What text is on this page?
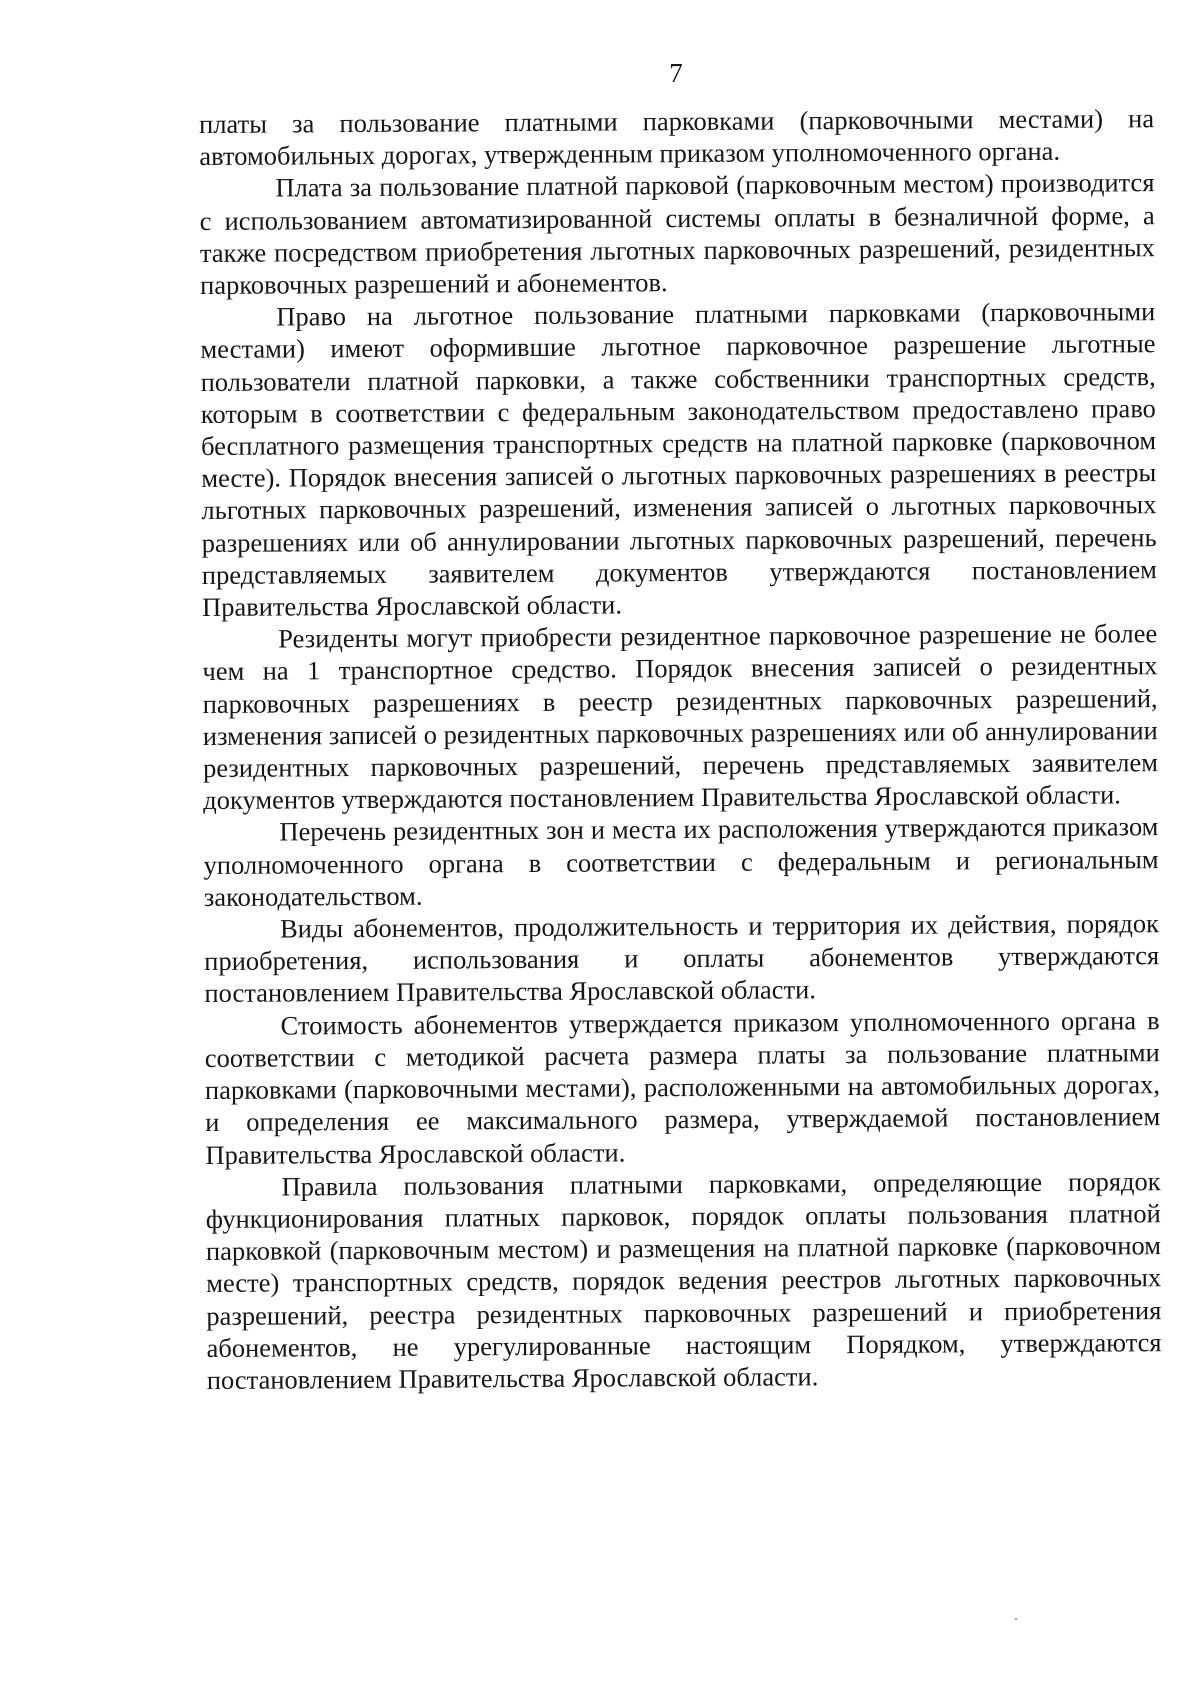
7

платы за пользование платными парковками (парковочными местами) на автомобильных дорогах, утвержденным приказом уполномоченного органа.

Плата за пользование платной парковой (парковочным местом) производится с использованием автоматизированной системы оплаты в безналичной форме, а также посредством приобретения льготных парковочных разрешений, резидентных парковочных разрешений и абонементов.

Право на льготное пользование платными парковками (парковочными местами) имеют оформившие льготное парковочное разрешение льготные пользователи платной парковки, а также собственники транспортных средств, которым в соответствии с федеральным законодательством предоставлено право бесплатного размещения транспортных средств на платной парковке (парковочном месте). Порядок внесения записей о льготных парковочных разрешениях в реестры льготных парковочных разрешений, изменения записей о льготных парковочных разрешениях или об аннулировании льготных парковочных разрешений, перечень представляемых заявителем документов утверждаются постановлением Правительства Ярославской области.

Резиденты могут приобрести резидентное парковочное разрешение не более чем на 1 транспортное средство. Порядок внесения записей о резидентных парковочных разрешениях в реестр резидентных парковочных разрешений, изменения записей о резидентных парковочных разрешениях или об аннулировании резидентных парковочных разрешений, перечень представляемых заявителем документов утверждаются постановлением Правительства Ярославской области.

Перечень резидентных зон и места их расположения утверждаются приказом уполномоченного органа в соответствии с федеральным и региональным законодательством.

Виды абонементов, продолжительность и территория их действия, порядок приобретения, использования и оплаты абонементов утверждаются постановлением Правительства Ярославской области.

Стоимость абонементов утверждается приказом уполномоченного органа в соответствии с методикой расчета размера платы за пользование платными парковками (парковочными местами), расположенными на автомобильных дорогах, и определения ее максимального размера, утверждаемой постановлением Правительства Ярославской области.

Правила пользования платными парковками, определяющие порядок функционирования платных парковок, порядок оплаты пользования платной парковкой (парковочным местом) и размещения на платной парковке (парковочном месте) транспортных средств, порядок ведения реестров льготных парковочных разрешений, реестра резидентных парковочных разрешений и приобретения абонементов, не урегулированные настоящим Порядком, утверждаются постановлением Правительства Ярославской области.
